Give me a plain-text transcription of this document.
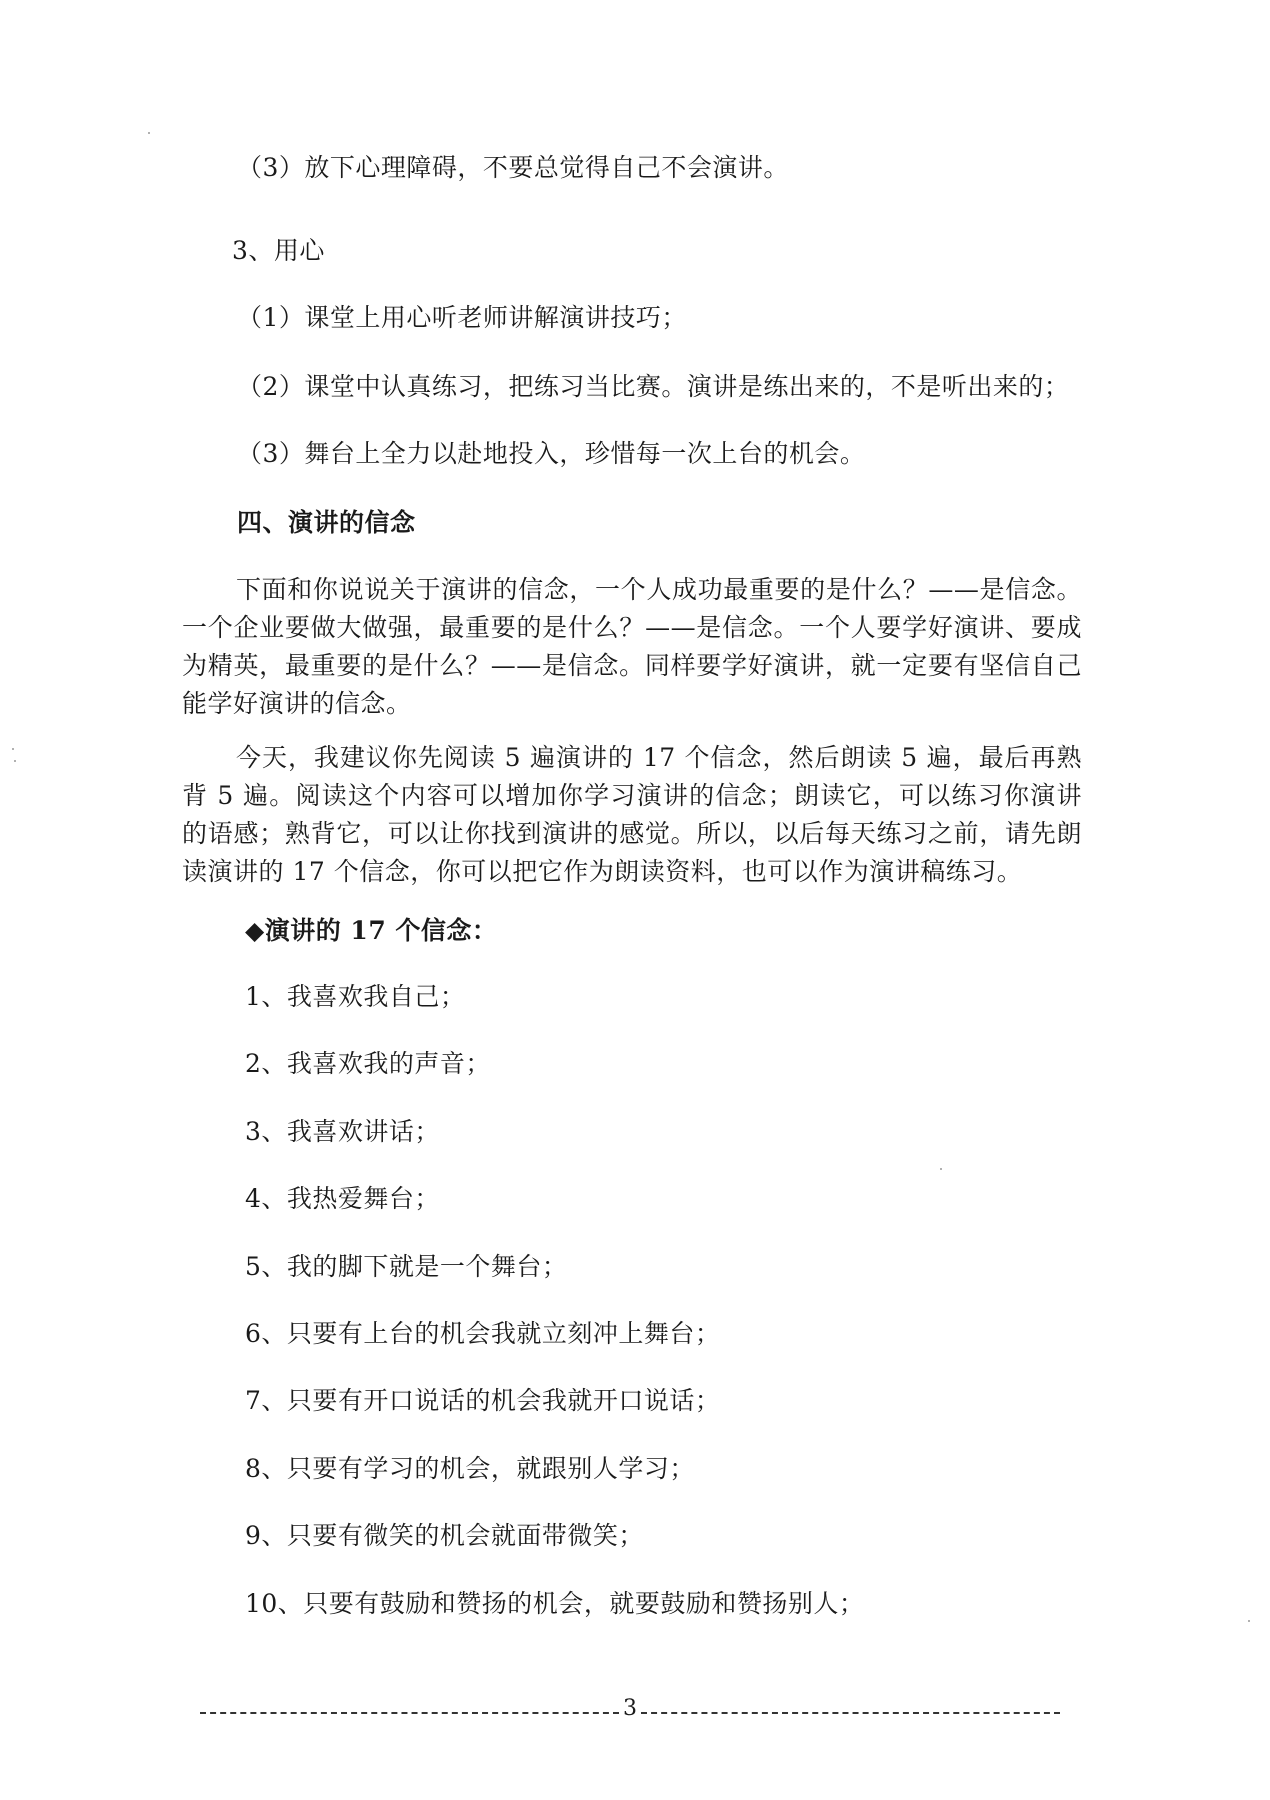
（3）放下心理障碍，不要总觉得自己不会演讲。
3、用心
（1）课堂上用心听老师讲解演讲技巧；
（2）课堂中认真练习，把练习当比赛。演讲是练出来的，不是听出来的；
（3）舞台上全力以赴地投入，珍惜每一次上台的机会。
四、演讲的信念
下面和你说说关于演讲的信念，一个人成功最重要的是什么？——是信念。一个企业要做大做强，最重要的是什么？——是信念。一个人要学好演讲、要成为精英，最重要的是什么？——是信念。同样要学好演讲，就一定要有坚信自己能学好演讲的信念。
今天，我建议你先阅读 5 遍演讲的 17 个信念，然后朗读 5 遍，最后再熟背 5 遍。阅读这个内容可以增加你学习演讲的信念；朗读它，可以练习你演讲的语感；熟背它，可以让你找到演讲的感觉。所以，以后每天练习之前，请先朗读演讲的 17 个信念，你可以把它作为朗读资料，也可以作为演讲稿练习。
◆演讲的 17 个信念：
1、我喜欢我自己；
2、我喜欢我的声音；
3、我喜欢讲话；
4、我热爱舞台；
5、我的脚下就是一个舞台；
6、只要有上台的机会我就立刻冲上舞台；
7、只要有开口说话的机会我就开口说话；
8、只要有学习的机会，就跟别人学习；
9、只要有微笑的机会就面带微笑；
10、只要有鼓励和赞扬的机会，就要鼓励和赞扬别人；
3
